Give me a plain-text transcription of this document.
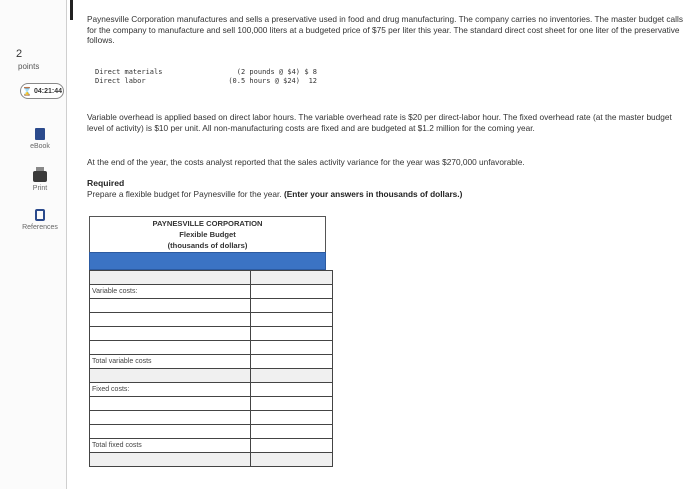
2
points
⌛ 04:21:44
eBook
Print
References

Paynesville Corporation manufactures and sells a preservative used in food and drug manufacturing. The company carries no inventories. The master budget calls for the company to manufacture and sell 100,000 liters at a budgeted price of $75 per liter this year. The standard direct cost sheet for one liter of the preservative follows.

Direct materials	(2 pounds @ $4) $ 8
Direct labor	(0.5 hours @ $24)	12

Variable overhead is applied based on direct labor hours. The variable overhead rate is $20 per direct-labor hour. The fixed overhead rate (at the master budget level of activity) is $10 per unit. All non-manufacturing costs are fixed and are budgeted at $1.2 million for the coming year.

At the end of the year, the costs analyst reported that the sales activity variance for the year was $270,000 unfavorable.

Required
Prepare a flexible budget for Paynesville for the year. (Enter your answers in thousands of dollars.)
PAYNESVILLE CORPORATION
Flexible Budget
(thousands of dollars)

Variable costs:	

Total variable costs	

Fixed costs:	

Total fixed costs	
